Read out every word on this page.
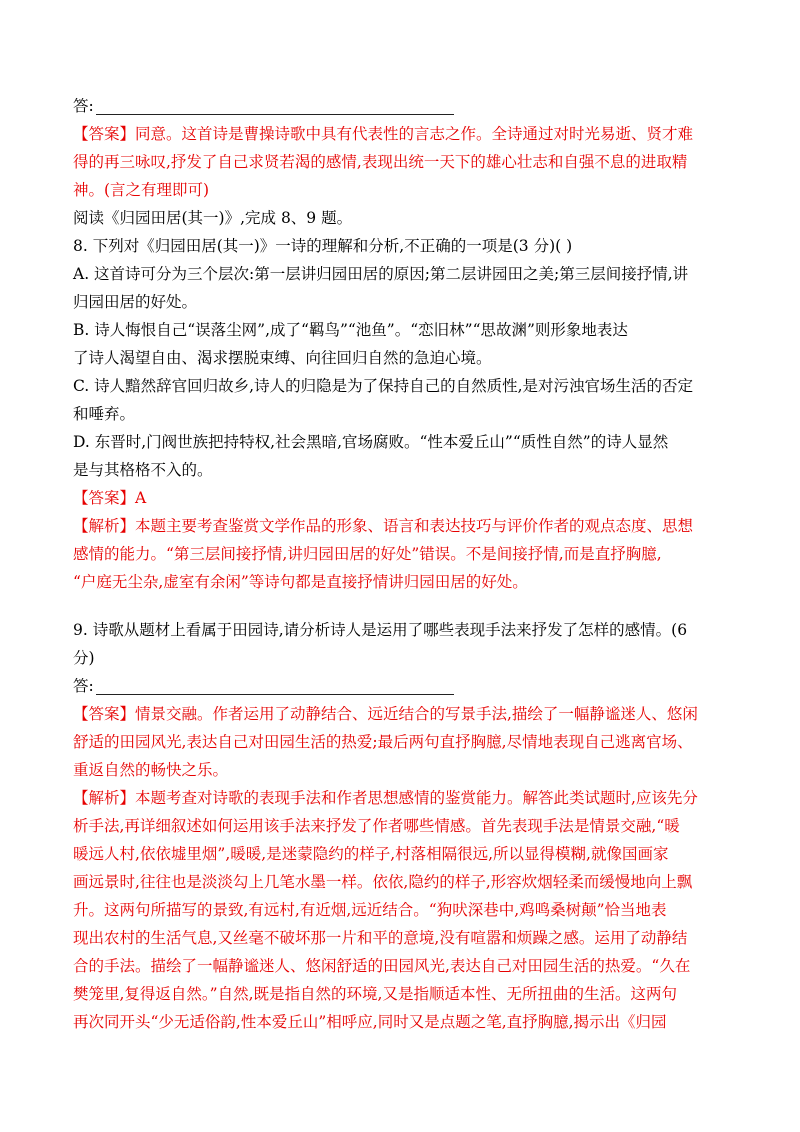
答:
【答案】同意。这首诗是曹操诗歌中具有代表性的言志之作。全诗通过对时光易逝、贤才难
得的再三咏叹,抒发了自己求贤若渴的感情,表现出统一天下的雄心壮志和自强不息的进取精
神。(言之有理即可)
阅读《归园田居(其一)》,完成 8、9 题。
8. 下列对《归园田居(其一)》一诗的理解和分析,不正确的一项是(3 分)( )
A. 这首诗可分为三个层次:第一层讲归园田居的原因;第二层讲园田之美;第三层间接抒情,讲
归园田居的好处。
B. 诗人悔恨自己“误落尘网”,成了“羁鸟”“池鱼”。“恋旧林”“思故渊”则形象地表达
了诗人渴望自由、渴求摆脱束缚、向往回归自然的急迫心境。
C. 诗人黯然辞官回归故乡,诗人的归隐是为了保持自己的自然质性,是对污浊官场生活的否定
和唾弃。
D. 东晋时,门阀世族把持特权,社会黑暗,官场腐败。“性本爱丘山”“质性自然”的诗人显然
是与其格格不入的。
【答案】A
【解析】本题主要考查鉴赏文学作品的形象、语言和表达技巧与评价作者的观点态度、思想
感情的能力。“第三层间接抒情,讲归园田居的好处”错误。不是间接抒情,而是直抒胸臆,
“户庭无尘杂,虚室有余闲”等诗句都是直接抒情讲归园田居的好处。
9. 诗歌从题材上看属于田园诗,请分析诗人是运用了哪些表现手法来抒发了怎样的感情。(6
分)
答:
【答案】情景交融。作者运用了动静结合、远近结合的写景手法,描绘了一幅静谧迷人、悠闲
舒适的田园风光,表达自己对田园生活的热爱;最后两句直抒胸臆,尽情地表现自己逃离官场、
重返自然的畅快之乐。
【解析】本题考查对诗歌的表现手法和作者思想感情的鉴赏能力。解答此类试题时,应该先分
析手法,再详细叙述如何运用该手法来抒发了作者哪些情感。首先表现手法是情景交融,“暖
暖远人村,依依墟里烟”,暖暖,是迷蒙隐约的样子,村落相隔很远,所以显得模糊,就像国画家
画远景时,往往也是淡淡勾上几笔水墨一样。依依,隐约的样子,形容炊烟轻柔而缓慢地向上飘
升。这两句所描写的景致,有远村,有近烟,远近结合。“狗吠深巷中,鸡鸣桑树颠”恰当地表
现出农村的生活气息,又丝毫不破坏那一片和平的意境,没有喧嚣和烦躁之感。运用了动静结
合的手法。描绘了一幅静谧迷人、悠闲舒适的田园风光,表达自己对田园生活的热爱。“久在
樊笼里,复得返自然。”自然,既是指自然的环境,又是指顺适本性、无所扭曲的生活。这两句
再次同开头“少无适俗韵,性本爱丘山”相呼应,同时又是点题之笔,直抒胸臆,揭示出《归园
